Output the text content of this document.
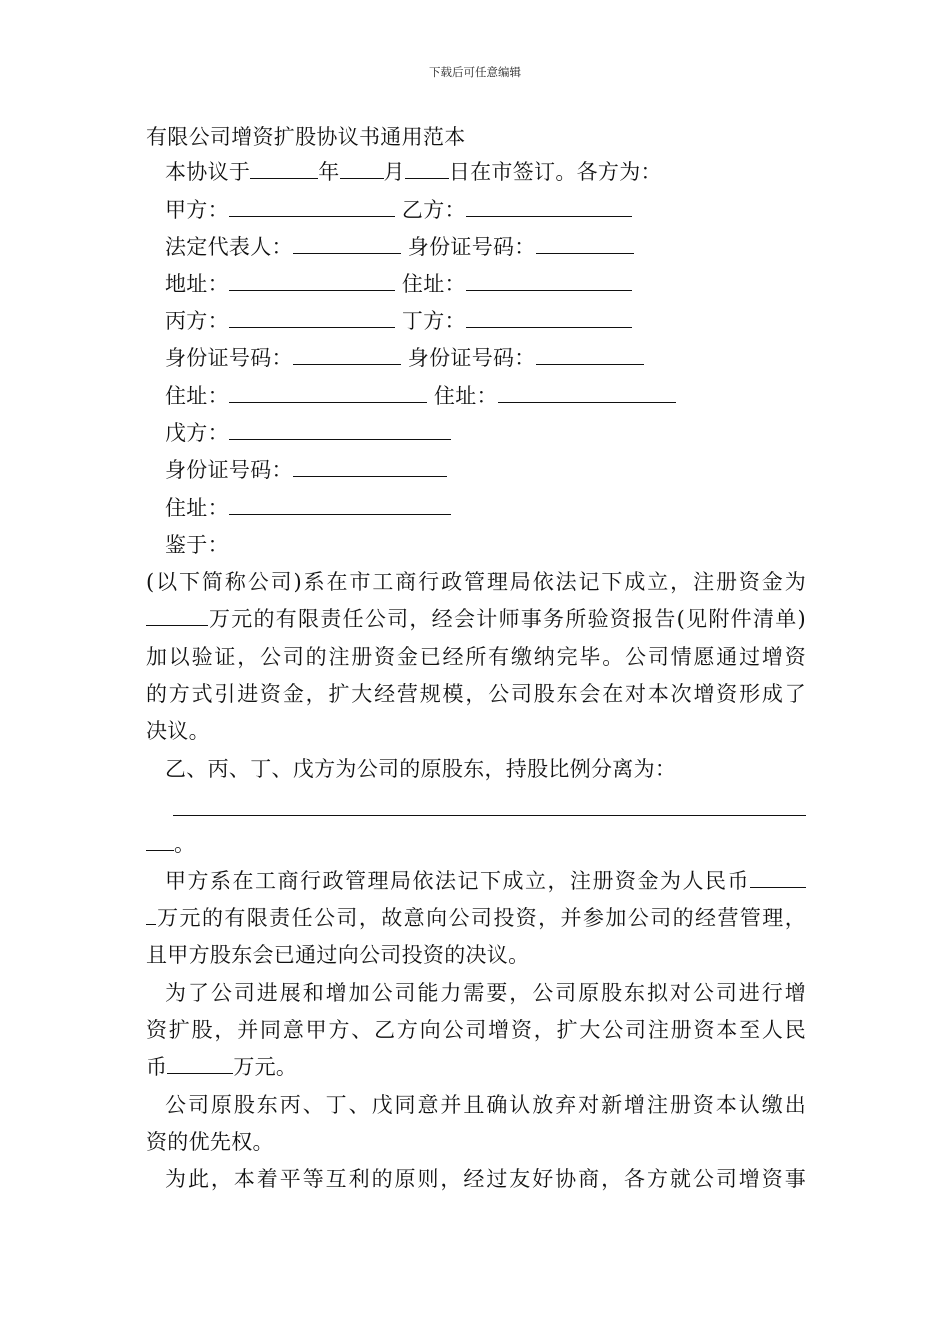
下载后可任意编辑
有限公司增资扩股协议书通用范本
本协议于	年 月 日在市签订。各方为：
甲方：	乙方：
法定代表人：	身份证号码：
地址：	住址：
丙方：	丁方：
身份证号码：	身份证号码：
住址：	住址：
戊方：
身份证号码：
住址：
鉴于：
(以下简称公司)系在市工商行政管理局依法记下成立，注册资金为
万元的有限责任公司，经会计师事务所验资报告(见附件清单)
加以验证，公司的注册资金已经所有缴纳完毕。公司情愿通过增资
的方式引进资金，扩大经营规模，公司股东会在对本次增资形成了
决议。
乙、丙、丁、戊方为公司的原股东，持股比例分离为：
。
甲方系在工商行政管理局依法记下成立，注册资金为人民币
万元的有限责任公司，故意向公司投资，并参加公司的经营管理，
且甲方股东会已通过向公司投资的决议。
为了公司进展和增加公司能力需要，公司原股东拟对公司进行增
资扩股，并同意甲方、乙方向公司增资，扩大公司注册资本至人民
币	万元。
公司原股东丙、丁、戊同意并且确认放弃对新增注册资本认缴出
资的优先权。
为此，本着平等互利的原则，经过友好协商，各方就公司增资事
